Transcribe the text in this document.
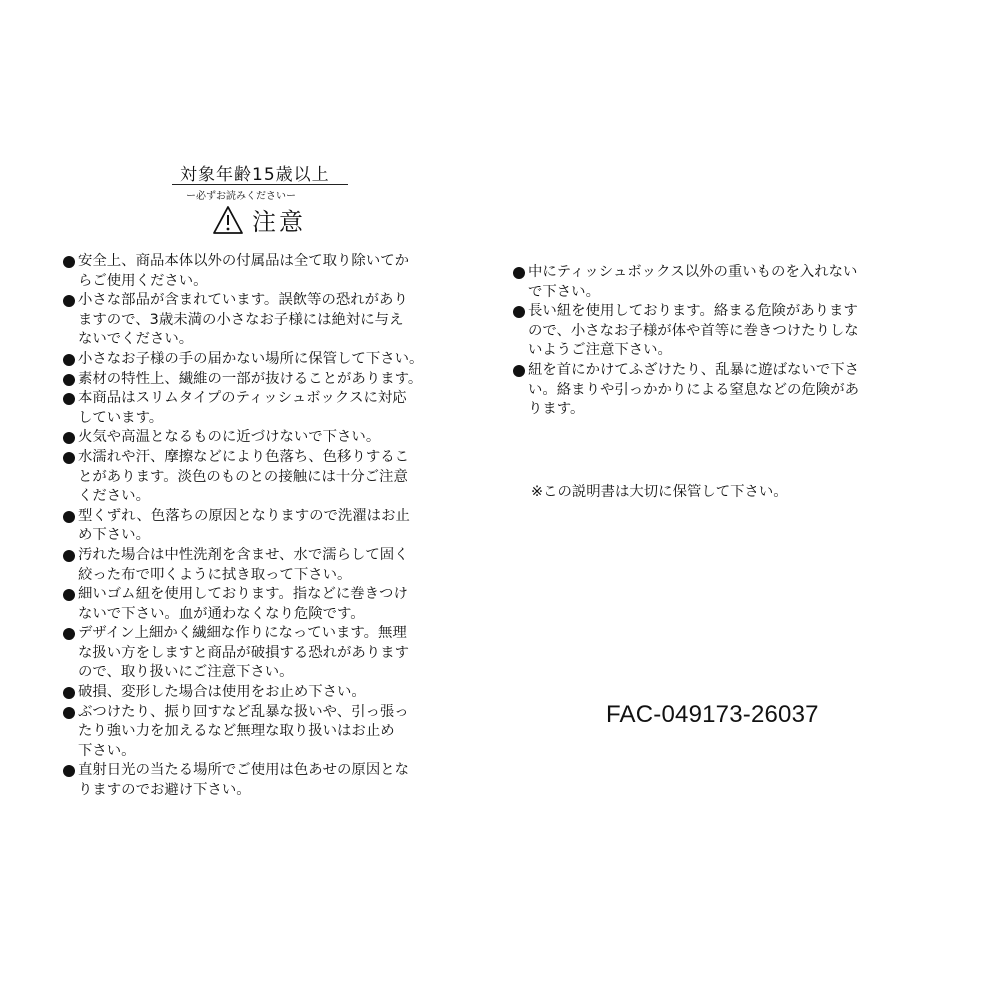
対象年齢15歳以上
ー必ずお読みくださいー
注意
安全上、商品本体以外の付属品は全て取り除いてか
らご使用ください。
小さな部品が含まれています。誤飲等の恐れがあり
ますので、3歳未満の小さなお子様には絶対に与え
ないでください。
小さなお子様の手の届かない場所に保管して下さい。
素材の特性上、繊維の一部が抜けることがあります。
本商品はスリムタイプのティッシュボックスに対応
しています。
火気や高温となるものに近づけないで下さい。
水濡れや汗、摩擦などにより色落ち、色移りするこ
とがあります。淡色のものとの接触には十分ご注意
ください。
型くずれ、色落ちの原因となりますので洗濯はお止
め下さい。
汚れた場合は中性洗剤を含ませ、水で濡らして固く
絞った布で叩くように拭き取って下さい。
細いゴム紐を使用しております。指などに巻きつけ
ないで下さい。血が通わなくなり危険です。
デザイン上細かく繊細な作りになっています。無理
な扱い方をしますと商品が破損する恐れがあります
ので、取り扱いにご注意下さい。
破損、変形した場合は使用をお止め下さい。
ぶつけたり、振り回すなど乱暴な扱いや、引っ張っ
たり強い力を加えるなど無理な取り扱いはお止め
下さい。
直射日光の当たる場所でご使用は色あせの原因とな
りますのでお避け下さい。
中にティッシュボックス以外の重いものを入れない
で下さい。
長い紐を使用しております。絡まる危険があります
ので、小さなお子様が体や首等に巻きつけたりしな
いようご注意下さい。
紐を首にかけてふざけたり、乱暴に遊ばないで下さ
い。絡まりや引っかかりによる窒息などの危険があ
ります。
※この説明書は大切に保管して下さい。
FAC-049173-26037
